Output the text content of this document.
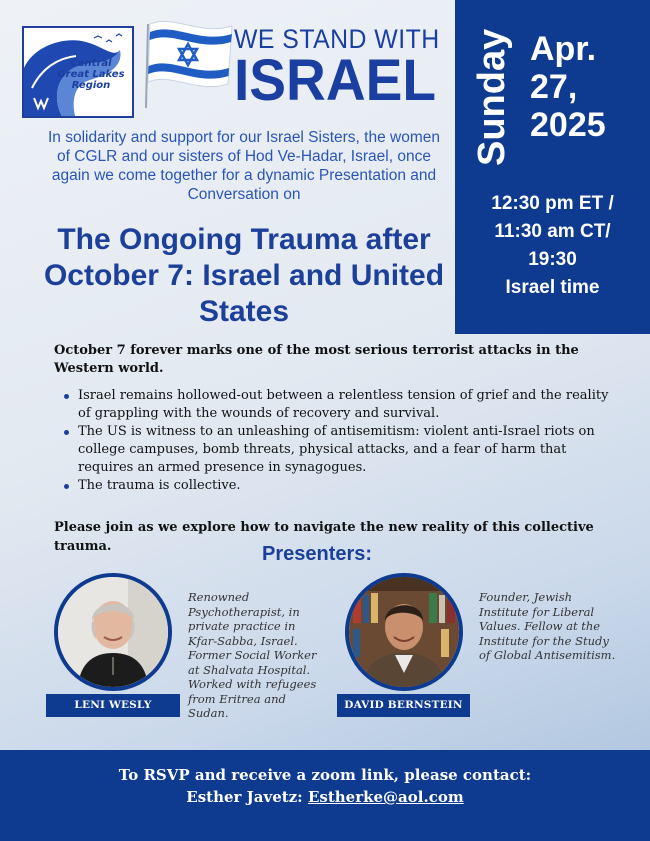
Central Great Lakes Region
WE STAND WITH
ISRAEL
In solidarity and support for our Israel Sisters, the women of CGLR and our sisters of Hod Ve-Hadar, Israel, once again we come together for a dynamic Presentation and Conversation on
The Ongoing Trauma after October 7: Israel and United States
Sunday Apr. 27, 2025
12:30 pm ET /
11:30 am CT/
19:30
Israel time
October 7 forever marks one of the most serious terrorist attacks in the Western world.
Israel remains hollowed-out between a relentless tension of grief and the reality of grappling with the wounds of recovery and survival.
The US is witness to an unleashing of antisemitism: violent anti-Israel riots on college campuses, bomb threats, physical attacks, and a fear of harm that requires an armed presence in synagogues.
The trauma is collective.
Please join as we explore how to navigate the new reality of this collective trauma.	Presenters:
LENI WESLY
Renowned Psychotherapist, in private practice in Kfar-Sabba, Israel. Former Social Worker at Shalvata Hospital. Worked with refugees from Eritrea and Sudan.
DAVID BERNSTEIN
Founder, Jewish Institute for Liberal Values. Fellow at the Institute for the Study of Global Antisemitism.
To RSVP and receive a zoom link, please contact:
Esther Javetz: Estherke@aol.com
